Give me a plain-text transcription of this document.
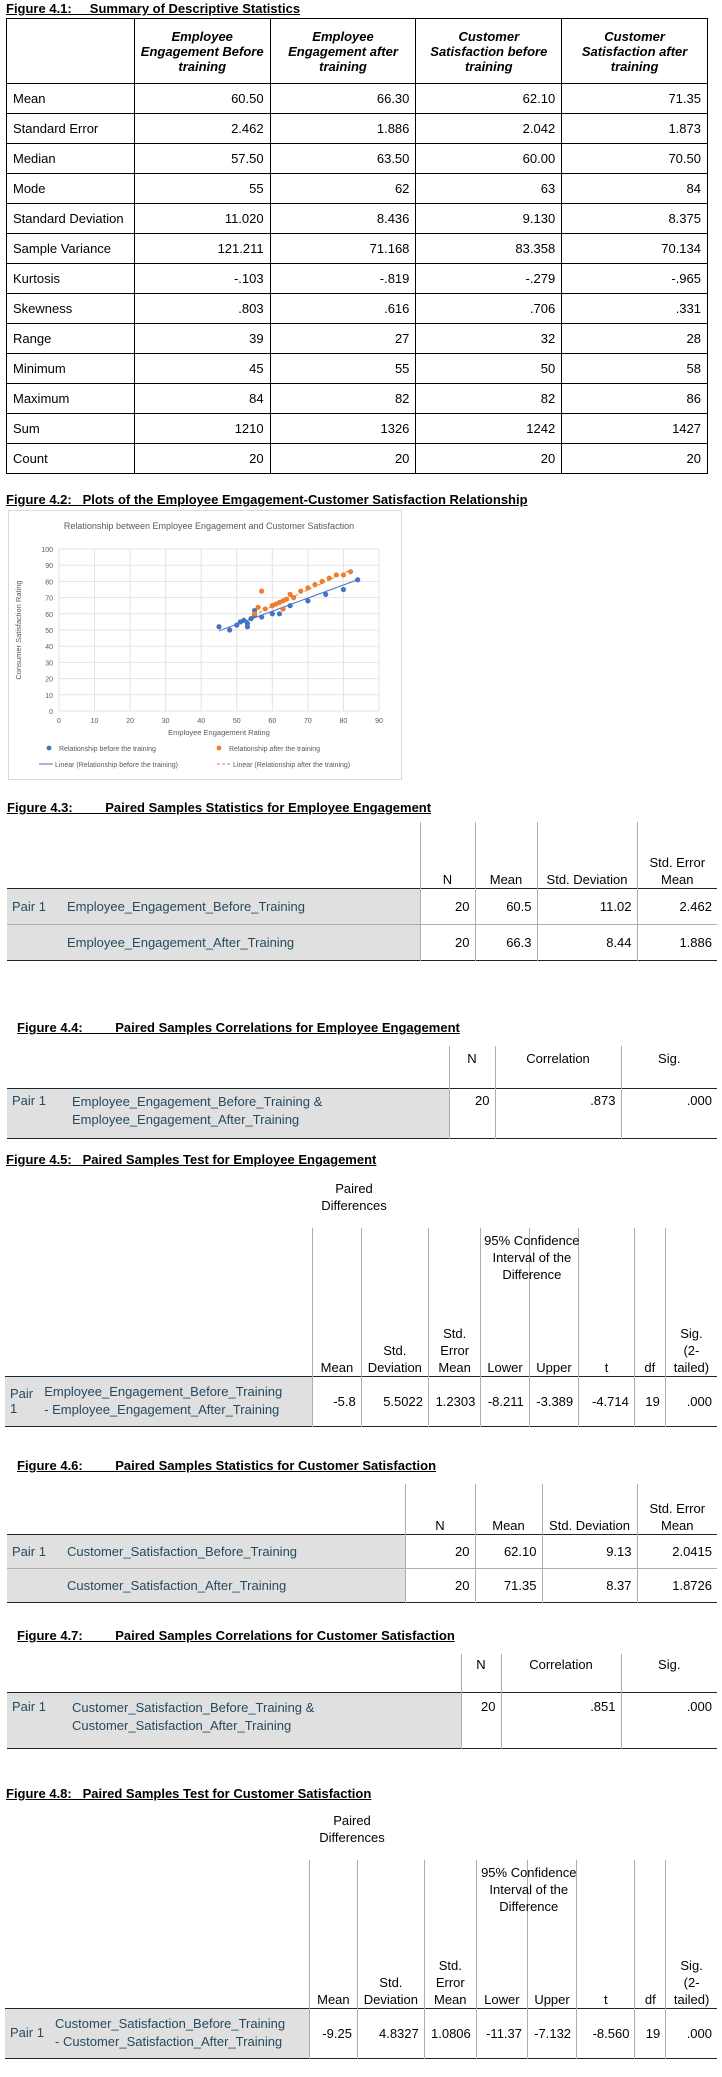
Figure 4.1:     Summary of Descriptive Statistics
	Employee Engagement Before training	Employee Engagement after training	Customer Satisfaction before training	Customer Satisfaction after training
Mean	60.50	66.30	62.10	71.35
Standard Error	2.462	1.886	2.042	1.873
Median	57.50	63.50	60.00	70.50
Mode	55	62	63	84
Standard Deviation	11.020	8.436	9.130	8.375
Sample Variance	121.211	71.168	83.358	70.134
Kurtosis	-.103	-.819	-.279	-.965
Skewness	.803	.616	.706	.331
Range	39	27	32	28
Minimum	45	55	50	58
Maximum	84	82	82	86
Sum	1210	1326	1242	1427
Count	20	20	20	20
Figure 4.2:   Plots of the Employee Emgagement-Customer Satisfaction Relationship
Relationship between Employee Engagement and Customer Satisfaction
0
10
20
30
40
50
60
70
80
90
100
0	10	20	30	40	50	60	70	80	90
Employee Engagement Rating
Consumer Satisfaction Rating
Relationship before the training	Relationship after the training
Linear (Relationship before the training)	Linear (Relationship after the training)
Figure 4.3:         Paired Samples Statistics for Employee Engagement
		N	Mean	Std. Deviation	Std. Error Mean
Pair 1	Employee_Engagement_Before_Training	20	60.5	11.02	2.462
	Employee_Engagement_After_Training	20	66.3	8.44	1.886
Figure 4.4:         Paired Samples Correlations for Employee Engagement
		N	Correlation	Sig.
Pair 1	Employee_Engagement_Before_Training &
Employee_Engagement_After_Training	20	.873	.000
Figure 4.5:   Paired Samples Test for Employee Engagement
Paired Differences
		Mean	Std. Deviation	Std. Error Mean	95% Confidence Interval of the Difference
Lower	Upper	t	df	Sig. (2-tailed)
Pair 1	Employee_Engagement_Before_Training
- Employee_Engagement_After_Training	-5.8	5.5022	1.2303	-8.211	-3.389	-4.714	19	.000
Figure 4.6:         Paired Samples Statistics for Customer Satisfaction
		N	Mean	Std. Deviation	Std. Error Mean
Pair 1	Customer_Satisfaction_Before_Training	20	62.10	9.13	2.0415
	Customer_Satisfaction_After_Training	20	71.35	8.37	1.8726
Figure 4.7:         Paired Samples Correlations for Customer Satisfaction
		N	Correlation	Sig.
Pair 1	Customer_Satisfaction_Before_Training &
Customer_Satisfaction_After_Training	20	.851	.000
Figure 4.8:   Paired Samples Test for Customer Satisfaction
Paired Differences
		Mean	Std. Deviation	Std. Error Mean	95% Confidence Interval of the Difference
Lower	Upper	t	df	Sig. (2-tailed)
Pair 1	Customer_Satisfaction_Before_Training
- Customer_Satisfaction_After_Training	-9.25	4.8327	1.0806	-11.37	-7.132	-8.560	19	.000
